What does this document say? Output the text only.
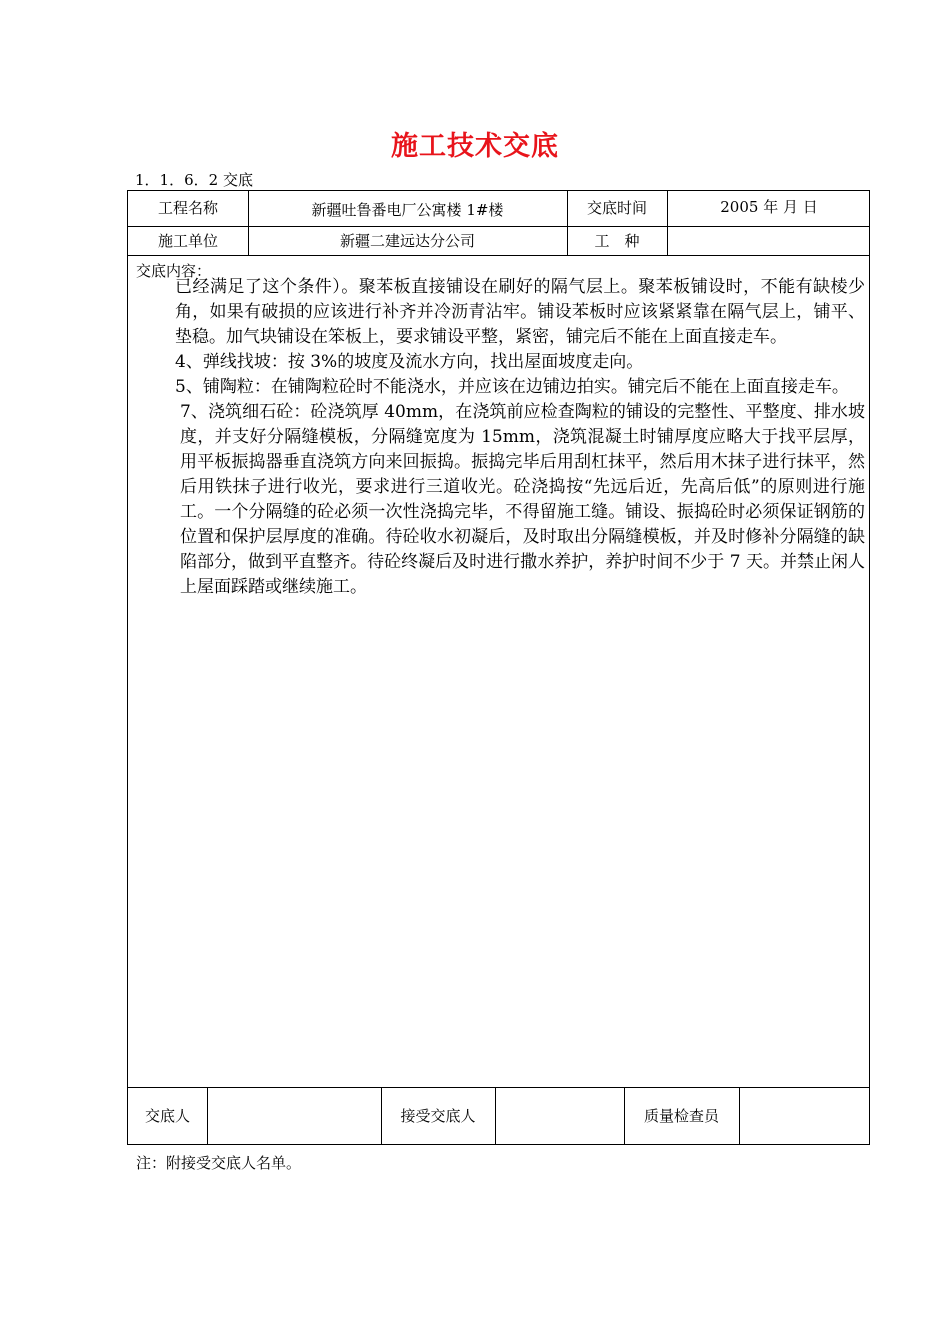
施工技术交底
1．1．6．2 交底
工程名称	新疆吐鲁番电厂公寓楼 1#楼	交底时间	2005 年 月 日
施工单位	新疆二建远达分公司	工　种
交底内容：

已经满足了这个条件）。聚苯板直接铺设在刷好的隔气层上。聚苯板铺设时，不能有缺棱少角，如果有破损的应该进行补齐并冷沥青沾牢。铺设苯板时应该紧紧靠在隔气层上，铺平、垫稳。加气块铺设在笨板上，要求铺设平整，紧密，铺完后不能在上面直接走车。

4、弹线找坡：按 3%的坡度及流水方向，找出屋面坡度走向。

5、铺陶粒：在铺陶粒砼时不能浇水，并应该在边铺边拍实。铺完后不能在上面直接走车。

7、浇筑细石砼：砼浇筑厚 40mm，在浇筑前应检查陶粒的铺设的完整性、平整度、排水坡度，并支好分隔缝模板，分隔缝宽度为 15mm，浇筑混凝土时铺厚度应略大于找平层厚，用平板振捣器垂直浇筑方向来回振捣。振捣完毕后用刮杠抹平，然后用木抹子进行抹平，然后用铁抹子进行收光，要求进行三道收光。砼浇捣按“先远后近，先高后低”的原则进行施工。一个分隔缝的砼必须一次性浇捣完毕，不得留施工缝。铺设、振捣砼时必须保证钢筋的位置和保护层厚度的准确。待砼收水初凝后，及时取出分隔缝模板，并及时修补分隔缝的缺陷部分，做到平直整齐。待砼终凝后及时进行撒水养护，养护时间不少于 7 天。并禁止闲人上屋面踩踏或继续施工。

交底人	接受交底人	质量检查员
注：附接受交底人名单。
